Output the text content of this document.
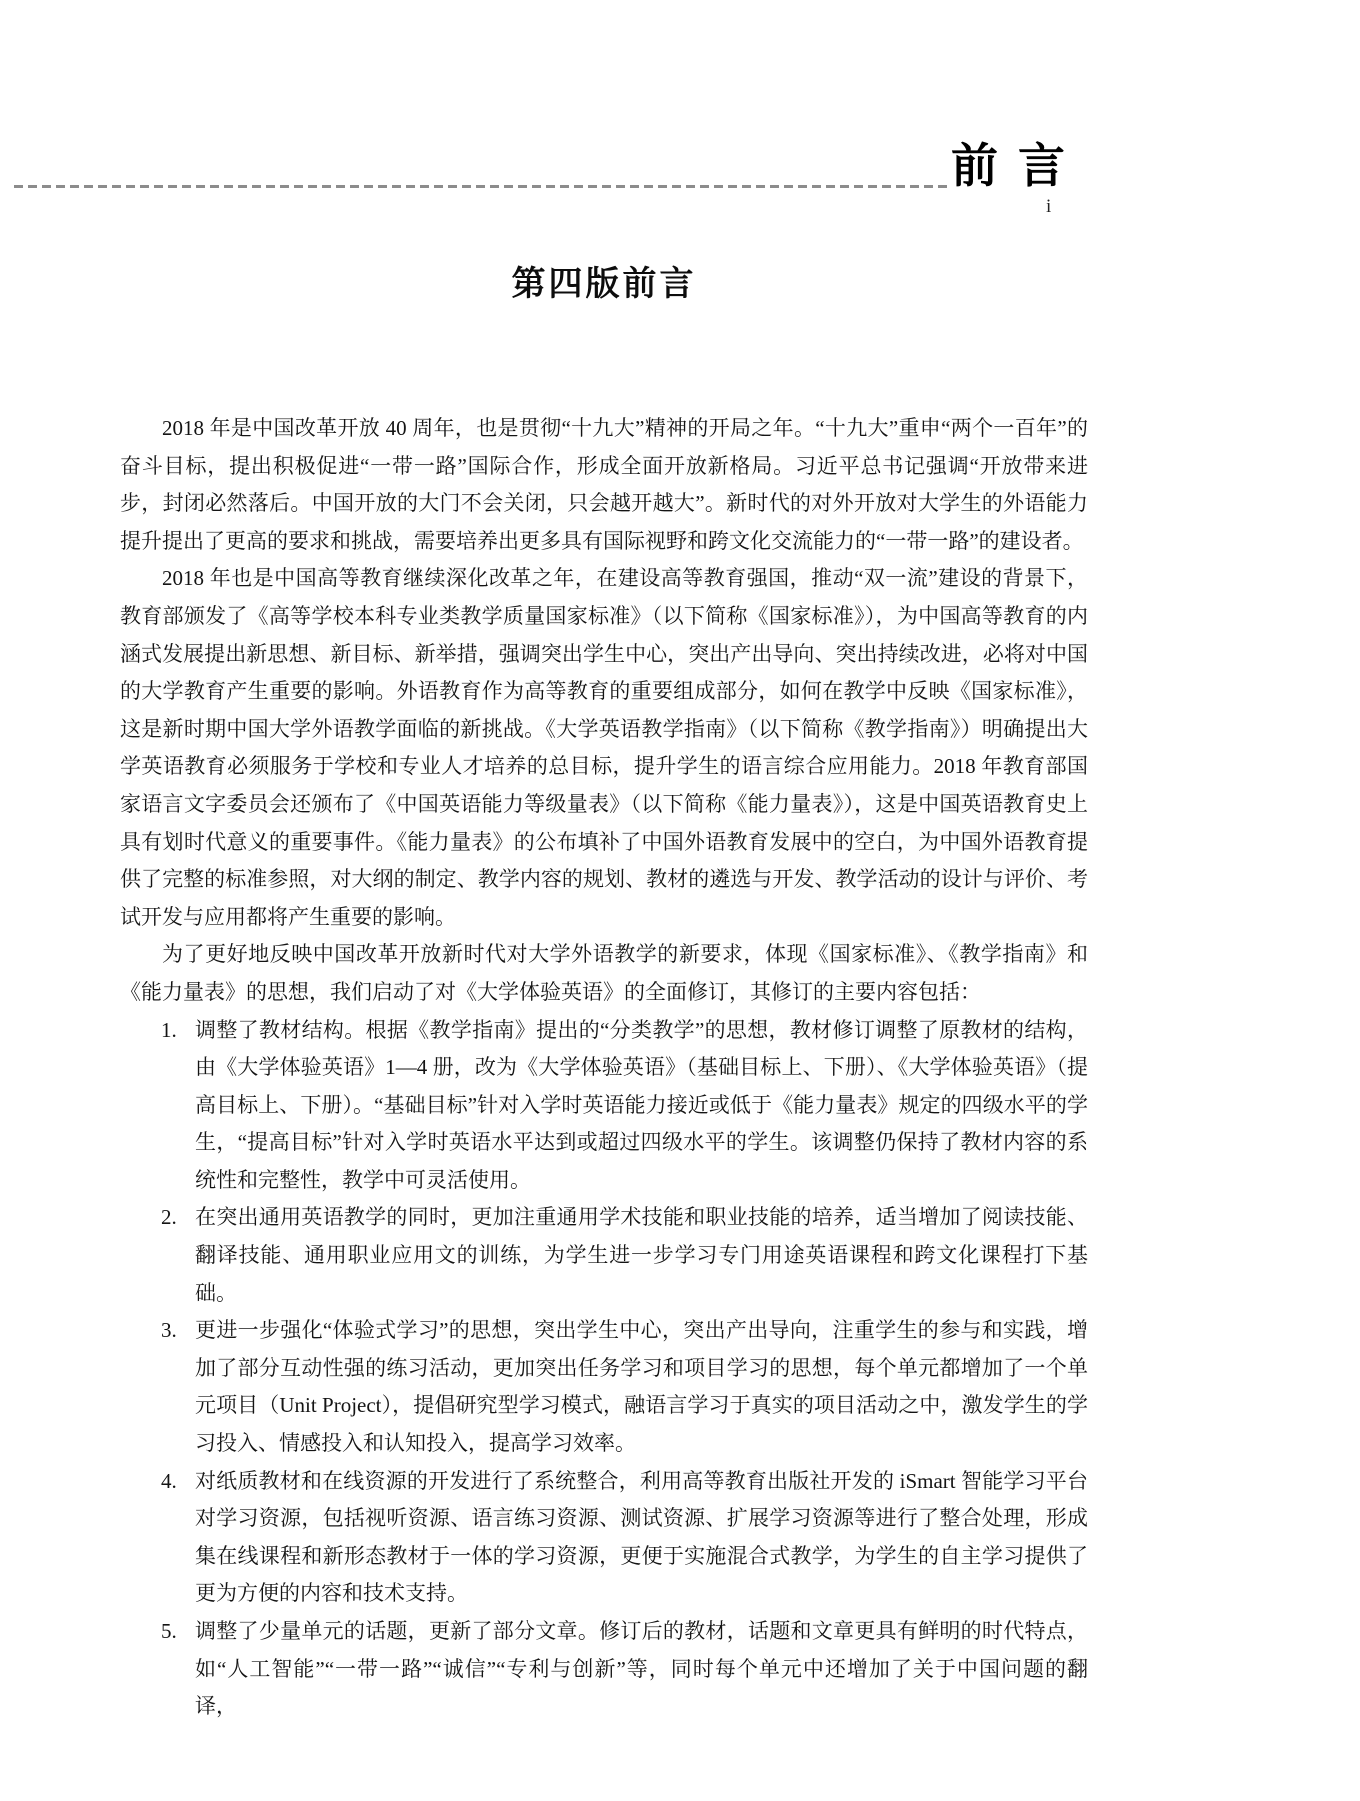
前 言
i
第四版前言

2018 年是中国改革开放 40 周年，也是贯彻“十九大”精神的开局之年。“十九大”重申“两个一百年”的奋斗目标，提出积极促进“一带一路”国际合作，形成全面开放新格局。习近平总书记强调“开放带来进步，封闭必然落后。中国开放的大门不会关闭，只会越开越大”。新时代的对外开放对大学生的外语能力提升提出了更高的要求和挑战，需要培养出更多具有国际视野和跨文化交流能力的“一带一路”的建设者。

2018 年也是中国高等教育继续深化改革之年，在建设高等教育强国，推动“双一流”建设的背景下，教育部颁发了《高等学校本科专业类教学质量国家标准》（以下简称《国家标准》），为中国高等教育的内涵式发展提出新思想、新目标、新举措，强调突出学生中心，突出产出导向、突出持续改进，必将对中国的大学教育产生重要的影响。外语教育作为高等教育的重要组成部分，如何在教学中反映《国家标准》，这是新时期中国大学外语教学面临的新挑战。《大学英语教学指南》（以下简称《教学指南》）明确提出大学英语教育必须服务于学校和专业人才培养的总目标，提升学生的语言综合应用能力。2018 年教育部国家语言文字委员会还颁布了《中国英语能力等级量表》（以下简称《能力量表》），这是中国英语教育史上具有划时代意义的重要事件。《能力量表》的公布填补了中国外语教育发展中的空白，为中国外语教育提供了完整的标准参照，对大纲的制定、教学内容的规划、教材的遴选与开发、教学活动的设计与评价、考试开发与应用都将产生重要的影响。

为了更好地反映中国改革开放新时代对大学外语教学的新要求，体现《国家标准》、《教学指南》和《能力量表》的思想，我们启动了对《大学体验英语》的全面修订，其修订的主要内容包括：

1. 调整了教材结构。根据《教学指南》提出的“分类教学”的思想，教材修订调整了原教材的结构，由《大学体验英语》1—4 册，改为《大学体验英语》（基础目标上、下册）、《大学体验英语》（提高目标上、下册）。“基础目标”针对入学时英语能力接近或低于《能力量表》规定的四级水平的学生，“提高目标”针对入学时英语水平达到或超过四级水平的学生。该调整仍保持了教材内容的系统性和完整性，教学中可灵活使用。
2. 在突出通用英语教学的同时，更加注重通用学术技能和职业技能的培养，适当增加了阅读技能、翻译技能、通用职业应用文的训练，为学生进一步学习专门用途英语课程和跨文化课程打下基础。
3. 更进一步强化“体验式学习”的思想，突出学生中心，突出产出导向，注重学生的参与和实践，增加了部分互动性强的练习活动，更加突出任务学习和项目学习的思想，每个单元都增加了一个单元项目（Unit Project），提倡研究型学习模式，融语言学习于真实的项目活动之中，激发学生的学习投入、情感投入和认知投入，提高学习效率。
4. 对纸质教材和在线资源的开发进行了系统整合，利用高等教育出版社开发的 iSmart 智能学习平台对学习资源，包括视听资源、语言练习资源、测试资源、扩展学习资源等进行了整合处理，形成集在线课程和新形态教材于一体的学习资源，更便于实施混合式教学，为学生的自主学习提供了更为方便的内容和技术支持。
5. 调整了少量单元的话题，更新了部分文章。修订后的教材，话题和文章更具有鲜明的时代特点，如“人工智能”“一带一路”“诚信”“专利与创新”等，同时每个单元中还增加了关于中国问题的翻译，
